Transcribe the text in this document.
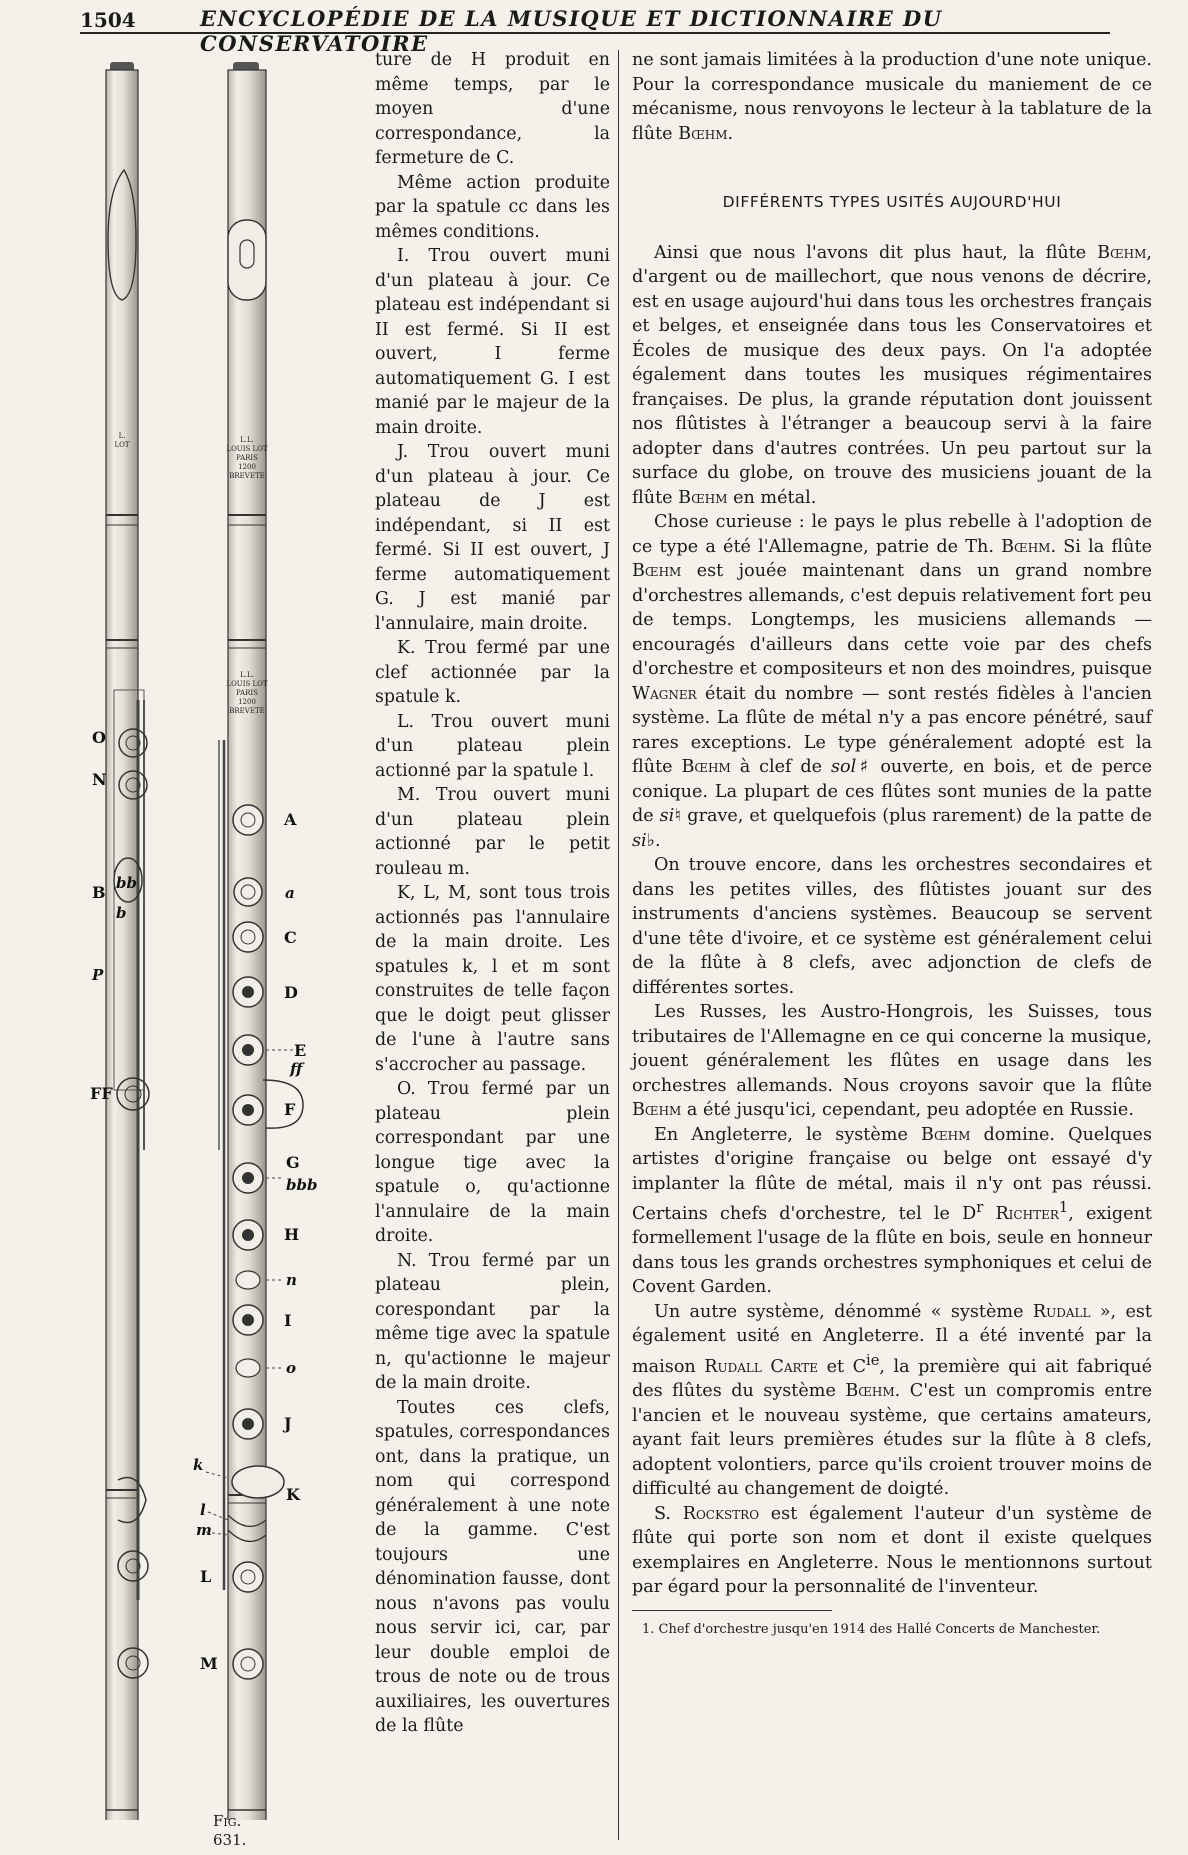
1504	ENCYCLOPÉDIE DE LA MUSIQUE ET DICTIONNAIRE DU CONSERVATOIRE
L.
LOT
L.L.
LOUIS LOT
PARIS
1200
BREVETE
L.L.
LOUIS LOT
PARIS
1200
BREVETE
O
N
B bb
b
P
FF
A
a
C
D
E
ff
F
G
bbb
H
n
I
o
J
k
K
l
m
L
M
Fig.
631.

ture de H produit en même temps, par le moyen d'une correspondance, la fermeture de C.

Même action produite par la spatule cc dans les mêmes conditions.

I. Trou ouvert muni d'un plateau à jour. Ce plateau est indépendant si II est fermé. Si II est ouvert, I ferme automatiquement G. I est manié par le majeur de la main droite.

J. Trou ouvert muni d'un plateau à jour. Ce plateau de J est indépendant, si II est fermé. Si II est ouvert, J ferme automatiquement G. J est manié par l'annulaire, main droite.

K. Trou fermé par une clef actionnée par la spatule k.

L. Trou ouvert muni d'un plateau plein actionné par la spatule l.

M. Trou ouvert muni d'un plateau plein actionné par le petit rouleau m.

K, L, M, sont tous trois actionnés pas l'annulaire de la main droite. Les spatules k, l et m sont construites de telle façon que le doigt peut glisser de l'une à l'autre sans s'accrocher au passage.

O. Trou fermé par un plateau plein correspondant par une longue tige avec la spatule o, qu'actionne l'annulaire de la main droite.

N. Trou fermé par un plateau plein, corespondant par la même tige avec la spatule n, qu'actionne le majeur de la main droite.

Toutes ces clefs, spatules, correspondances ont, dans la pratique, un nom qui correspond généralement à une note de la gamme. C'est toujours une dénomination fausse, dont nous n'avons pas voulu nous servir ici, car, par leur double emploi de trous de note ou de trous auxiliaires, les ouvertures de la flûte

ne sont jamais limitées à la production d'une note unique. Pour la correspondance musicale du maniement de ce mécanisme, nous renvoyons le lecteur à la tablature de la flûte Bœhm.

DIFFÉRENTS TYPES USITÉS AUJOURD'HUI

Ainsi que nous l'avons dit plus haut, la flûte Bœhm, d'argent ou de maillechort, que nous venons de décrire, est en usage aujourd'hui dans tous les orchestres français et belges, et enseignée dans tous les Conservatoires et Écoles de musique des deux pays. On l'a adoptée également dans toutes les musiques régimentaires françaises. De plus, la grande réputation dont jouissent nos flûtistes à l'étranger a beaucoup servi à la faire adopter dans d'autres contrées. Un peu partout sur la surface du globe, on trouve des musiciens jouant de la flûte Bœhm en métal.

Chose curieuse : le pays le plus rebelle à l'adoption de ce type a été l'Allemagne, patrie de Th. Bœhm. Si la flûte Bœhm est jouée maintenant dans un grand nombre d'orchestres allemands, c'est depuis relativement fort peu de temps. Longtemps, les musiciens allemands — encouragés d'ailleurs dans cette voie par des chefs d'orchestre et compositeurs et non des moindres, puisque Wagner était du nombre — sont restés fidèles à l'ancien système. La flûte de métal n'y a pas encore pénétré, sauf rares exceptions. Le type généralement adopté est la flûte Bœhm à clef de sol♯ ouverte, en bois, et de perce conique. La plupart de ces flûtes sont munies de la patte de si♮ grave, et quelquefois (plus rarement) de la patte de si♭.

On trouve encore, dans les orchestres secondaires et dans les petites villes, des flûtistes jouant sur des instruments d'anciens systèmes. Beaucoup se servent d'une tête d'ivoire, et ce système est généralement celui de la flûte à 8 clefs, avec adjonction de clefs de différentes sortes.

Les Russes, les Austro-Hongrois, les Suisses, tous tributaires de l'Allemagne en ce qui concerne la musique, jouent généralement les flûtes en usage dans les orchestres allemands. Nous croyons savoir que la flûte Bœhm a été jusqu'ici, cependant, peu adoptée en Russie.

En Angleterre, le système Bœhm domine. Quelques artistes d'origine française ou belge ont essayé d'y implanter la flûte de métal, mais il n'y ont pas réussi. Certains chefs d'orchestre, tel le $D^r$ Richter$^1$, exigent formellement l'usage de la flûte en bois, seule en honneur dans tous les grands orchestres symphoniques et celui de Covent Garden.

Un autre système, dénommé « système Rudall », est également usité en Angleterre. Il a été inventé par la maison Rudall Carte et $C^{ie}$, la première qui ait fabriqué des flûtes du système Bœhm. C'est un compromis entre l'ancien et le nouveau système, que certains amateurs, ayant fait leurs premières études sur la flûte à 8 clefs, adoptent volontiers, parce qu'ils croient trouver moins de difficulté au changement de doigté.

S. Rockstro est également l'auteur d'un système de flûte qui porte son nom et dont il existe quelques exemplaires en Angleterre. Nous le mentionnons surtout par égard pour la personnalité de l'inventeur.

1. Chef d'orchestre jusqu'en 1914 des Hallé Concerts de Manchester.
